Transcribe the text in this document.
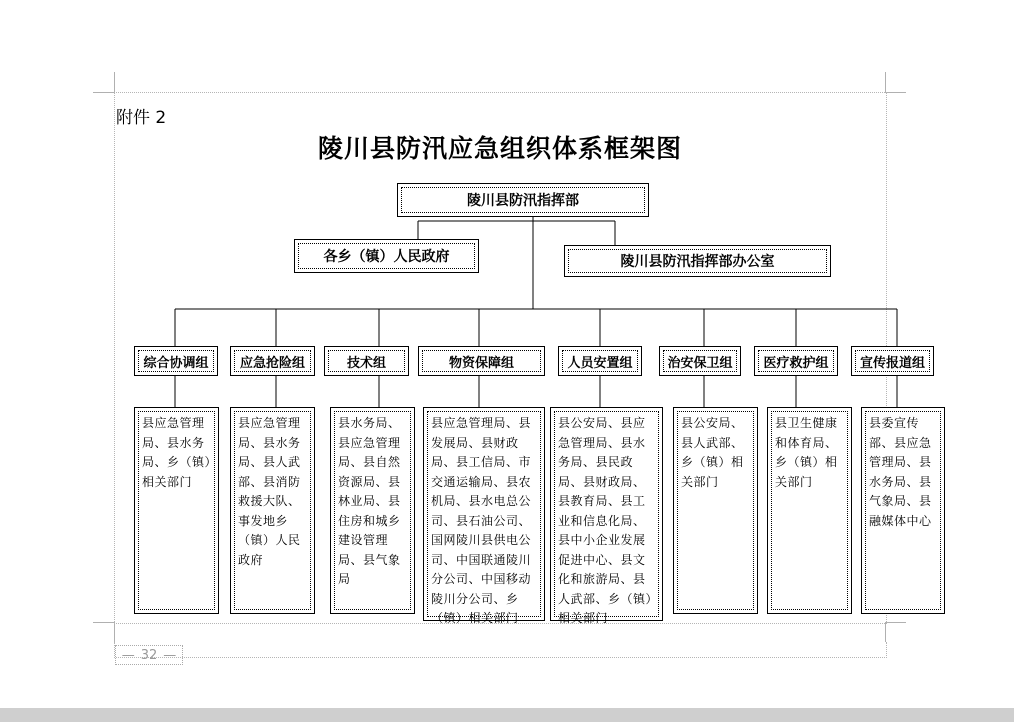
附件 2
陵川县防汛应急组织体系框架图
陵川县防汛指挥部
各乡（镇）人民政府	陵川县防汛指挥部办公室
综合协调组	应急抢险组	技术组	物资保障组	人员安置组	治安保卫组	医疗救护组	宣传报道组
县应急管理局、县水务局、乡（镇）相关部门
县应急管理局、县水务局、县人武部、县消防救援大队、事发地乡（镇）人民政府
县水务局、县应急管理局、县自然资源局、县林业局、县住房和城乡建设管理局、县气象局
县应急管理局、县发展局、县财政局、县工信局、市交通运输局、县农机局、县水电总公司、县石油公司、国网陵川县供电公司、中国联通陵川分公司、中国移动陵川分公司、乡（镇）相关部门
县公安局、县应急管理局、县水务局、县民政局、县财政局、县教育局、县工业和信息化局、县中小企业发展促进中心、县文化和旅游局、县人武部、乡（镇）相关部门
县公安局、县人武部、乡（镇）相关部门
县卫生健康和体育局、乡（镇）相关部门
县委宣传部、县应急管理局、县水务局、县气象局、县融媒体中心
— 32 —
